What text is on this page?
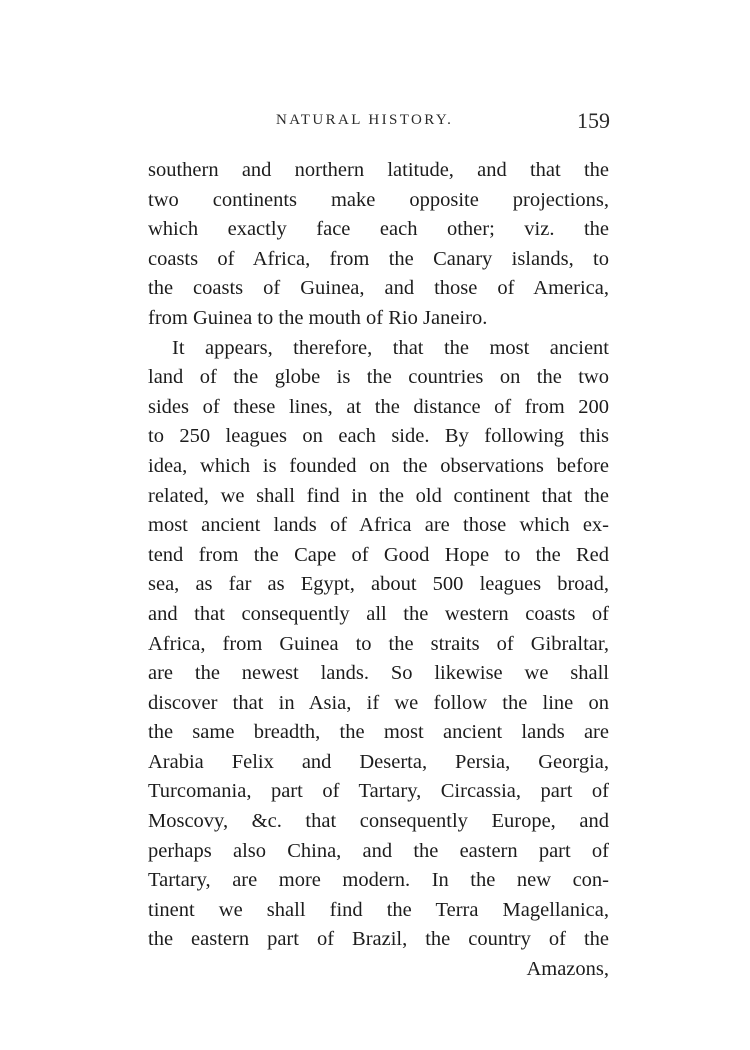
NATURAL HISTORY.	159
southern and northern latitude, and that the
two continents make opposite projections,
which exactly face each other; viz. the
coasts of Africa, from the Canary islands, to
the coasts of Guinea, and those of America,
from Guinea to the mouth of Rio Janeiro.
It appears, therefore, that the most ancient
land of the globe is the countries on the two
sides of these lines, at the distance of from 200
to 250 leagues on each side. By following this
idea, which is founded on the observations before
related, we shall find in the old continent that the
most ancient lands of Africa are those which ex-
tend from the Cape of Good Hope to the Red
sea, as far as Egypt, about 500 leagues broad,
and that consequently all the western coasts of
Africa, from Guinea to the straits of Gibraltar,
are the newest lands. So likewise we shall
discover that in Asia, if we follow the line on
the same breadth, the most ancient lands are
Arabia Felix and Deserta, Persia, Georgia,
Turcomania, part of Tartary, Circassia, part of
Moscovy, &c. that consequently Europe, and
perhaps also China, and the eastern part of
Tartary, are more modern. In the new con-
tinent we shall find the Terra Magellanica,
the eastern part of Brazil, the country of the
Amazons,
